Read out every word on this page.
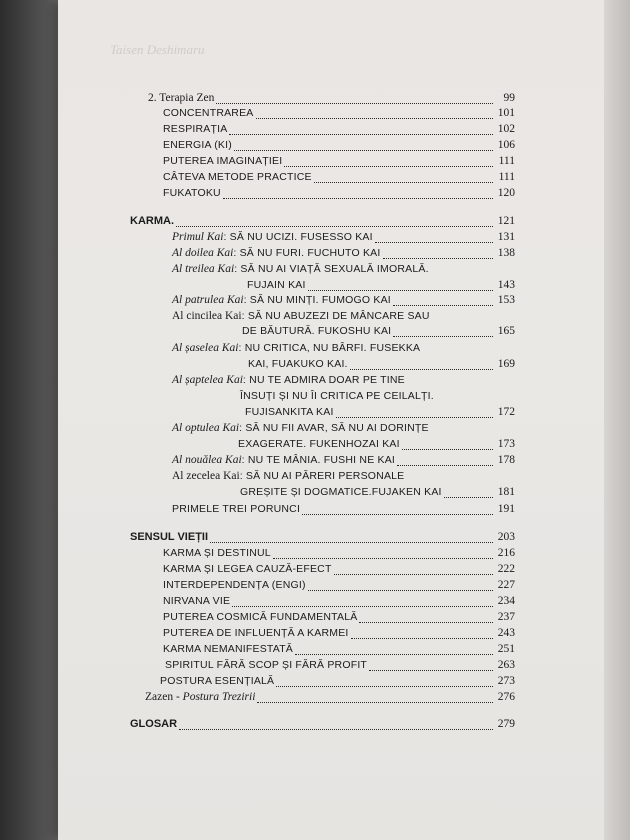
Taisen Deshimaru
2. Terapia Zen	99
CONCENTRAREA	101
RESPIRAȚIA	102
ENERGIA (KI)	106
PUTEREA IMAGINAȚIEI	111
CÂTEVA METODE PRACTICE	111
FUKATOKU	120
KARMA.	121
Primul Kai: SĂ NU UCIZI. FUSESSO KAI	131
Al doilea Kai: SĂ NU FURI. FUCHUTO KAI	138
Al treilea Kai: SĂ NU AI VIAȚĂ SEXUALĂ IMORALĂ.
FUJAIN KAI	143
Al patrulea Kai: SĂ NU MINȚI. FUMOGO KAI	153
Al cincilea Kai: SĂ NU ABUZEZI DE MÂNCARE SAU
DE BĂUTURĂ. FUKOSHU KAI	165
Al șaselea Kai: NU CRITICA, NU BÂRFI. FUSEKKA
KAI, FUAKUKO KAI.	169
Al șaptelea Kai: NU TE ADMIRA DOAR PE TINE
ÎNSUȚI ȘI NU ÎI CRITICA PE CEILALȚI.
FUJISANKITA KAI	172
Al optulea Kai: SĂ NU FII AVAR, SĂ NU AI DORINȚE
EXAGERATE. FUKENHOZAI KAI	173
Al nouălea Kai: NU TE MÂNIA. FUSHI NE KAI	178
Al zecelea Kai: SĂ NU AI PĂRERI PERSONALE
GREȘITE ȘI DOGMATICE.FUJAKEN KAI	181
PRIMELE TREI PORUNCI	191
SENSUL VIEȚII	203
KARMA ȘI DESTINUL	216
KARMA ȘI LEGEA CAUZĂ-EFECT	222
INTERDEPENDENȚA (ENGI)	227
NIRVANA VIE	234
PUTEREA COSMICĂ FUNDAMENTALĂ	237
PUTEREA DE INFLUENȚĂ A KARMEI	243
KARMA NEMANIFESTATĂ	251
SPIRITUL FĂRĂ SCOP ȘI FĂRĂ PROFIT	263
POSTURA ESENȚIALĂ	273
Zazen - Postura Trezirii	276
GLOSAR	279
